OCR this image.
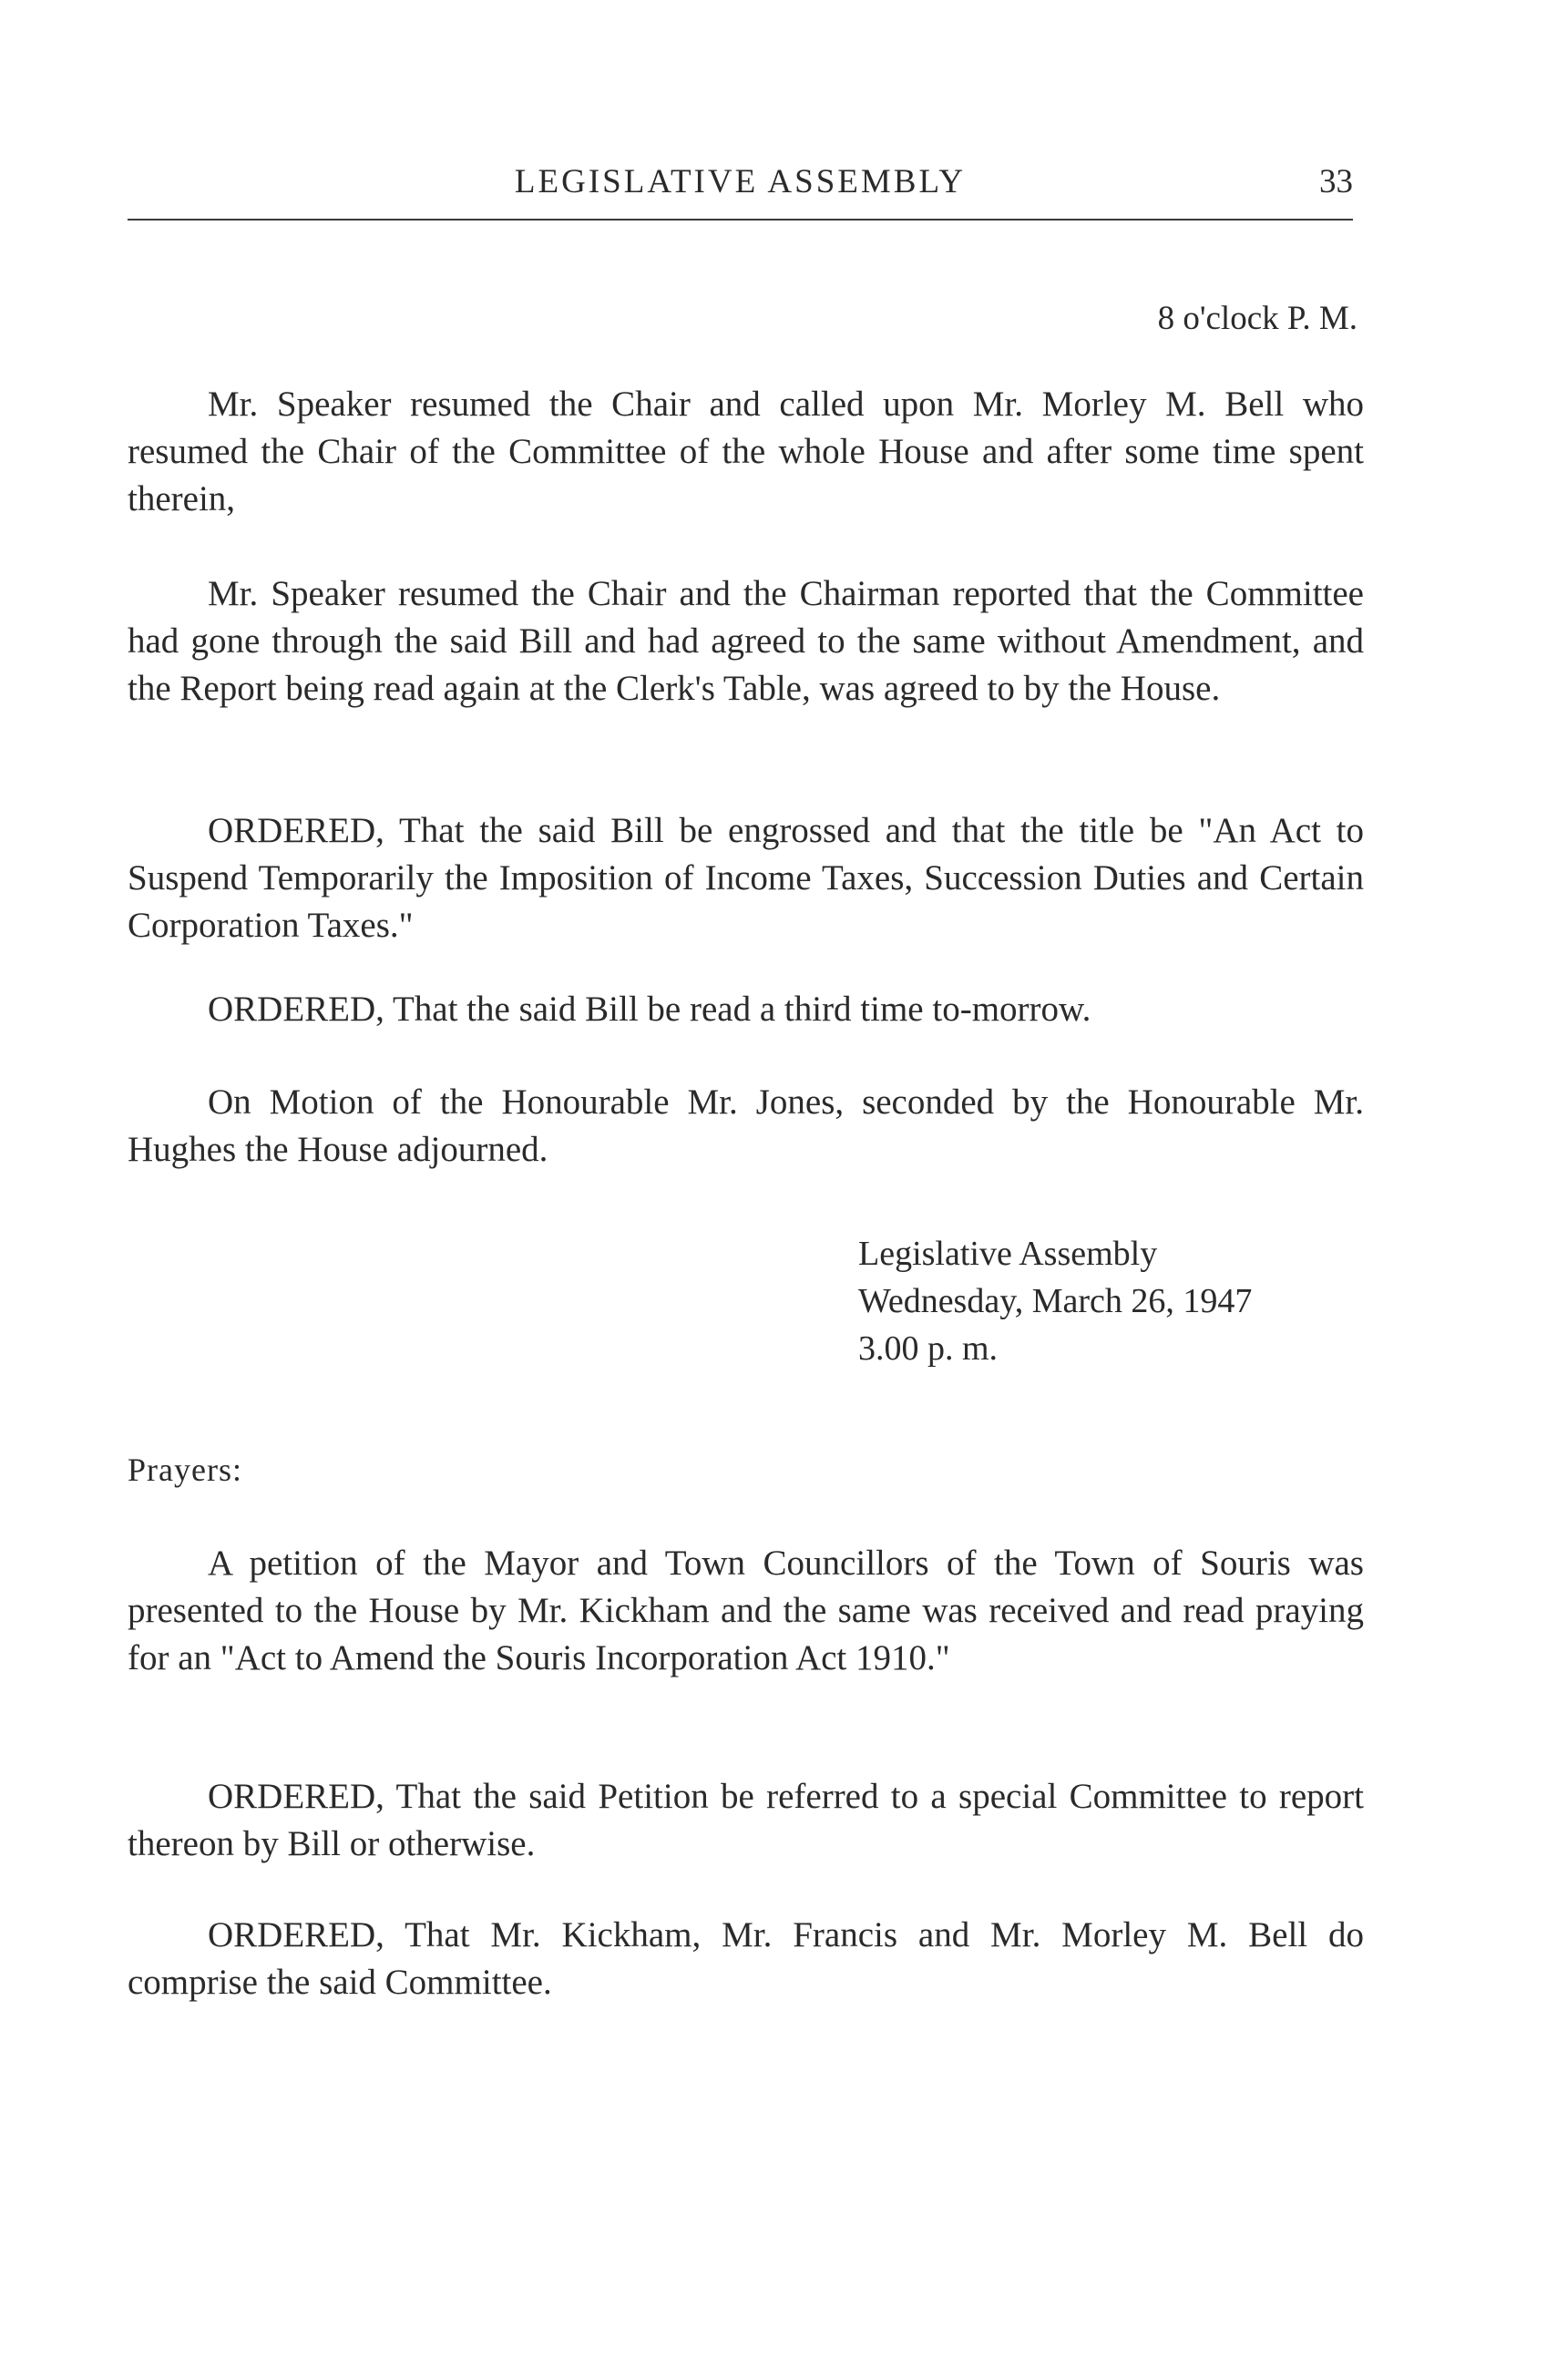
LEGISLATIVE ASSEMBLY	33
8 o'clock P. M.

Mr. Speaker resumed the Chair and called upon Mr. Morley M. Bell who resumed the Chair of the Committee of the whole House and after some time spent therein,

Mr. Speaker resumed the Chair and the Chairman reported that the Committee had gone through the said Bill and had agreed to the same without Amendment, and the Report being read again at the Clerk's Table, was agreed to by the House.

ORDERED, That the said Bill be engrossed and that the title be "An Act to Suspend Temporarily the Imposition of Income Taxes, Succession Duties and Certain Corporation Taxes."

ORDERED, That the said Bill be read a third time to-morrow.

On Motion of the Honourable Mr. Jones, seconded by the Honourable Mr. Hughes the House adjourned.

Legislative Assembly
Wednesday, March 26, 1947
3.00 p. m.
Prayers:

A petition of the Mayor and Town Councillors of the Town of Souris was presented to the House by Mr. Kickham and the same was received and read praying for an "Act to Amend the Souris Incorporation Act 1910."

ORDERED, That the said Petition be referred to a special Committee to report thereon by Bill or otherwise.

ORDERED, That Mr. Kickham, Mr. Francis and Mr. Morley M. Bell do comprise the said Committee.
